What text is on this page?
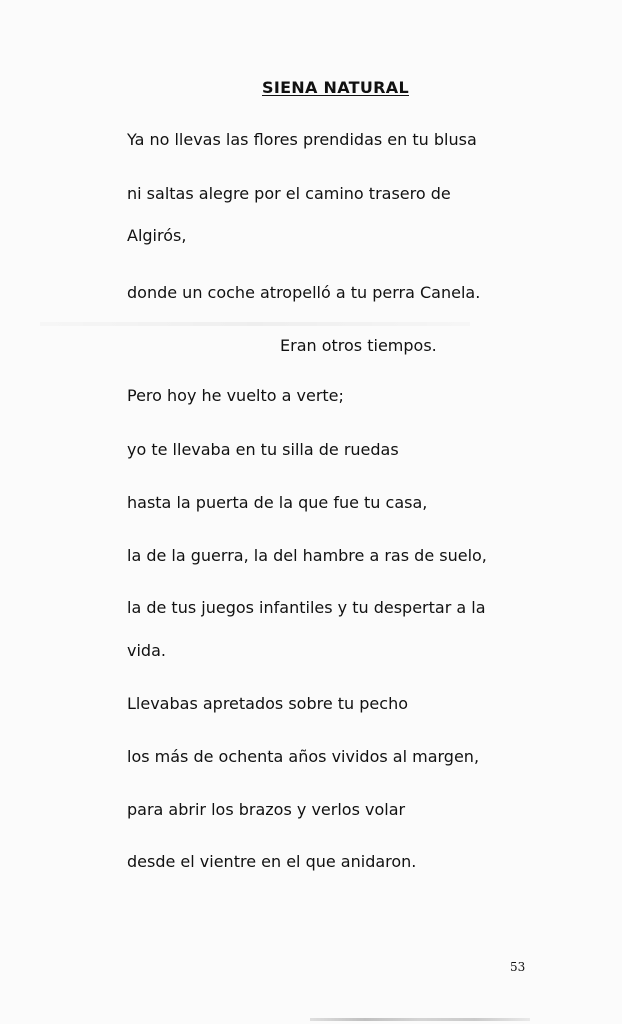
SIENA NATURAL
Ya no llevas las flores prendidas en tu blusa
ni saltas alegre por el camino trasero de
Algirós,
donde un coche atropelló a tu perra Canela.
Eran otros tiempos.
Pero hoy he vuelto a verte;
yo te llevaba en tu silla de ruedas
hasta la puerta de la que fue tu casa,
la de la guerra, la del hambre a ras de suelo,
la de tus juegos infantiles y tu despertar a la
vida.
Llevabas apretados sobre tu pecho
los más de ochenta años vividos al margen,
para abrir los brazos y verlos volar
desde el vientre en el que anidaron.
53
